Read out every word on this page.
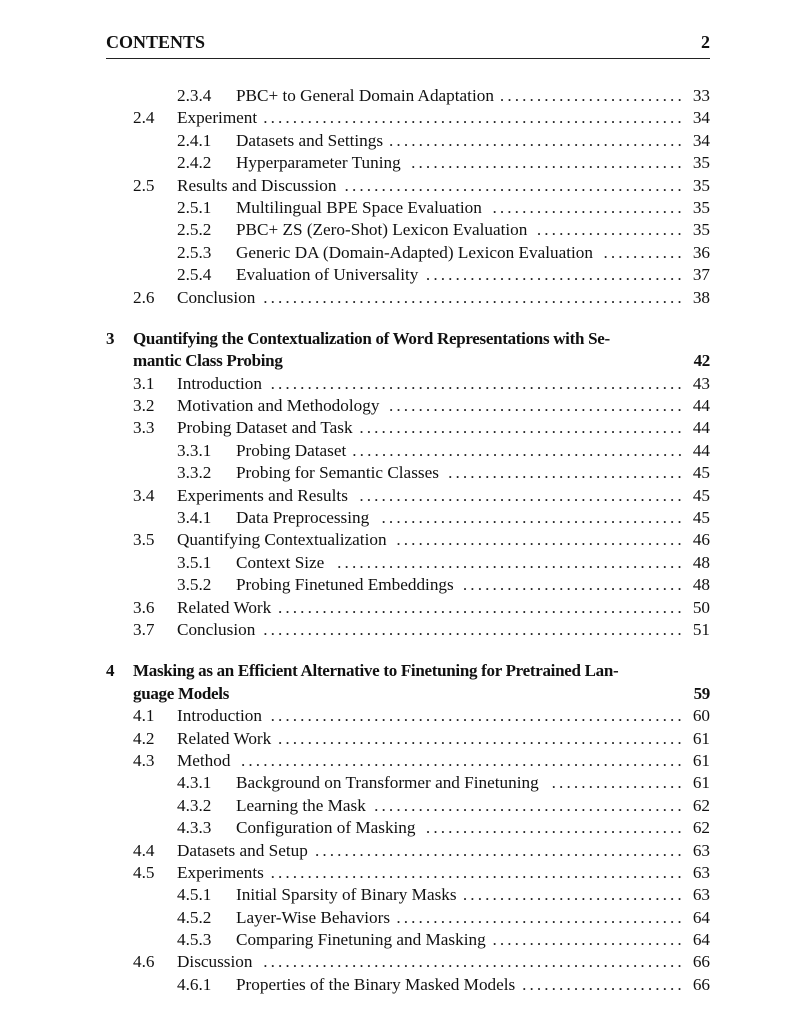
CONTENTS	2
2.3.4	PBC+ to General Domain Adaptation ......................... 33
2.4	Experiment ......................................................... 34
2.4.1	Datasets and Settings ........................................ 34
2.4.2	Hyperparameter Tuning ..................................... 35
2.5	Results and Discussion .............................................. 35
2.5.1	Multilingual BPE Space Evaluation .......................... 35
2.5.2	PBC+ ZS (Zero-Shot) Lexicon Evaluation .................... 35
2.5.3	Generic DA (Domain-Adapted) Lexicon Evaluation ........... 36
2.5.4	Evaluation of Universality ................................... 37
2.6	Conclusion ......................................................... 38
3	Quantifying the Contextualization of Word Representations with Se-
mantic Class Probing	42
3.1	Introduction ........................................................ 43
3.2	Motivation and Methodology ........................................ 44
3.3	Probing Dataset and Task ............................................ 44
3.3.1	Probing Dataset ............................................. 44
3.3.2	Probing for Semantic Classes ................................ 45
3.4	Experiments and Results ............................................ 45
3.4.1	Data Preprocessing ......................................... 45
3.5	Quantifying Contextualization ....................................... 46
3.5.1	Context Size ............................................... 48
3.5.2	Probing Finetuned Embeddings .............................. 48
3.6	Related Work ....................................................... 50
3.7	Conclusion ......................................................... 51
4	Masking as an Efficient Alternative to Finetuning for Pretrained Lan-
guage Models	59
4.1	Introduction ........................................................ 60
4.2	Related Work ....................................................... 61
4.3	Method ............................................................ 61
4.3.1	Background on Transformer and Finetuning .................. 61
4.3.2	Learning the Mask .......................................... 62
4.3.3	Configuration of Masking ................................... 62
4.4	Datasets and Setup .................................................. 63
4.5	Experiments ........................................................ 63
4.5.1	Initial Sparsity of Binary Masks .............................. 63
4.5.2	Layer-Wise Behaviors ....................................... 64
4.5.3	Comparing Finetuning and Masking .......................... 64
4.6	Discussion ......................................................... 66
4.6.1	Properties of the Binary Masked Models ...................... 66
